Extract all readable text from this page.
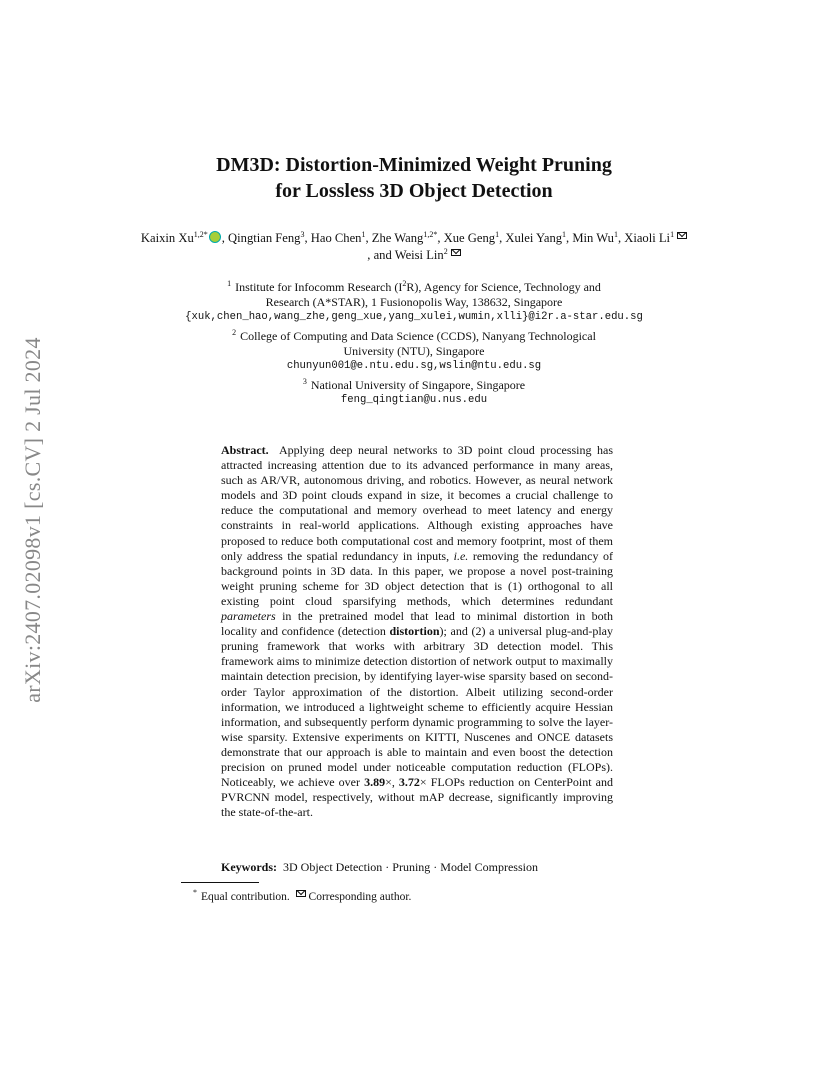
arXiv:2407.02098v1 [cs.CV] 2 Jul 2024
DM3D: Distortion-Minimized Weight Pruning
for Lossless 3D Object Detection
Kaixin $Xu^{1,2*}$ , Qingtian Feng$^3$, Hao Chen$^1$, Zhe Wang$^{1,2*}$, Xue Geng$^1$, Xulei Yang$^1$, Min Wu$^1$, Xiaoli Li$^1$, and Weisi Lin$^2$
$^1$ Institute for Infocomm Research $(I^2R)$, Agency for Science, Technology and
Research (A*STAR), 1 Fusionopolis Way, 138632, Singapore
{xuk,chen_hao,wang_zhe,geng_xue,yang_xulei,wumin,xlli}@i2r.a-star.edu.sg
$^2$ College of Computing and Data Science (CCDS), Nanyang Technological
University (NTU), Singapore
chunyun001@e.ntu.edu.sg,wslin@ntu.edu.sg
$^3$ National University of Singapore, Singapore
feng_qingtian@u.nus.edu
Abstract. Applying deep neural networks to 3D point cloud processing has attracted increasing attention due to its advanced performance in many areas, such as AR/VR, autonomous driving, and robotics. However, as neural network models and 3D point clouds expand in size, it becomes a crucial challenge to reduce the computational and memory overhead to meet latency and energy constraints in real-world applications. Although existing approaches have proposed to reduce both computational cost and memory footprint, most of them only address the spatial redundancy in inputs, i.e. removing the redundancy of background points in 3D data. In this paper, we propose a novel post-training weight pruning scheme for 3D object detection that is (1) orthogonal to all existing point cloud sparsifying methods, which determines redundant parameters in the pretrained model that lead to minimal distortion in both locality and confidence (detection distortion); and (2) a universal plug-and-play pruning framework that works with arbitrary 3D detection model. This framework aims to minimize detection distortion of network output to maximally maintain detection precision, by identifying layer-wise sparsity based on second-order Taylor approximation of the distortion. Albeit utilizing second-order information, we introduced a lightweight scheme to efficiently acquire Hessian information, and subsequently perform dynamic programming to solve the layer-wise sparsity. Extensive experiments on KITTI, Nuscenes and ONCE datasets demonstrate that our approach is able to maintain and even boost the detection precision on pruned model under noticeable computation reduction (FLOPs). Noticeably, we achieve over 3.89×, 3.72× FLOPs reduction on CenterPoint and PVRCNN model, respectively, without mAP decrease, significantly improving the state-of-the-art.
Keywords: 3D Object Detection · Pruning · Model Compression
* Equal contribution. Corresponding author.
